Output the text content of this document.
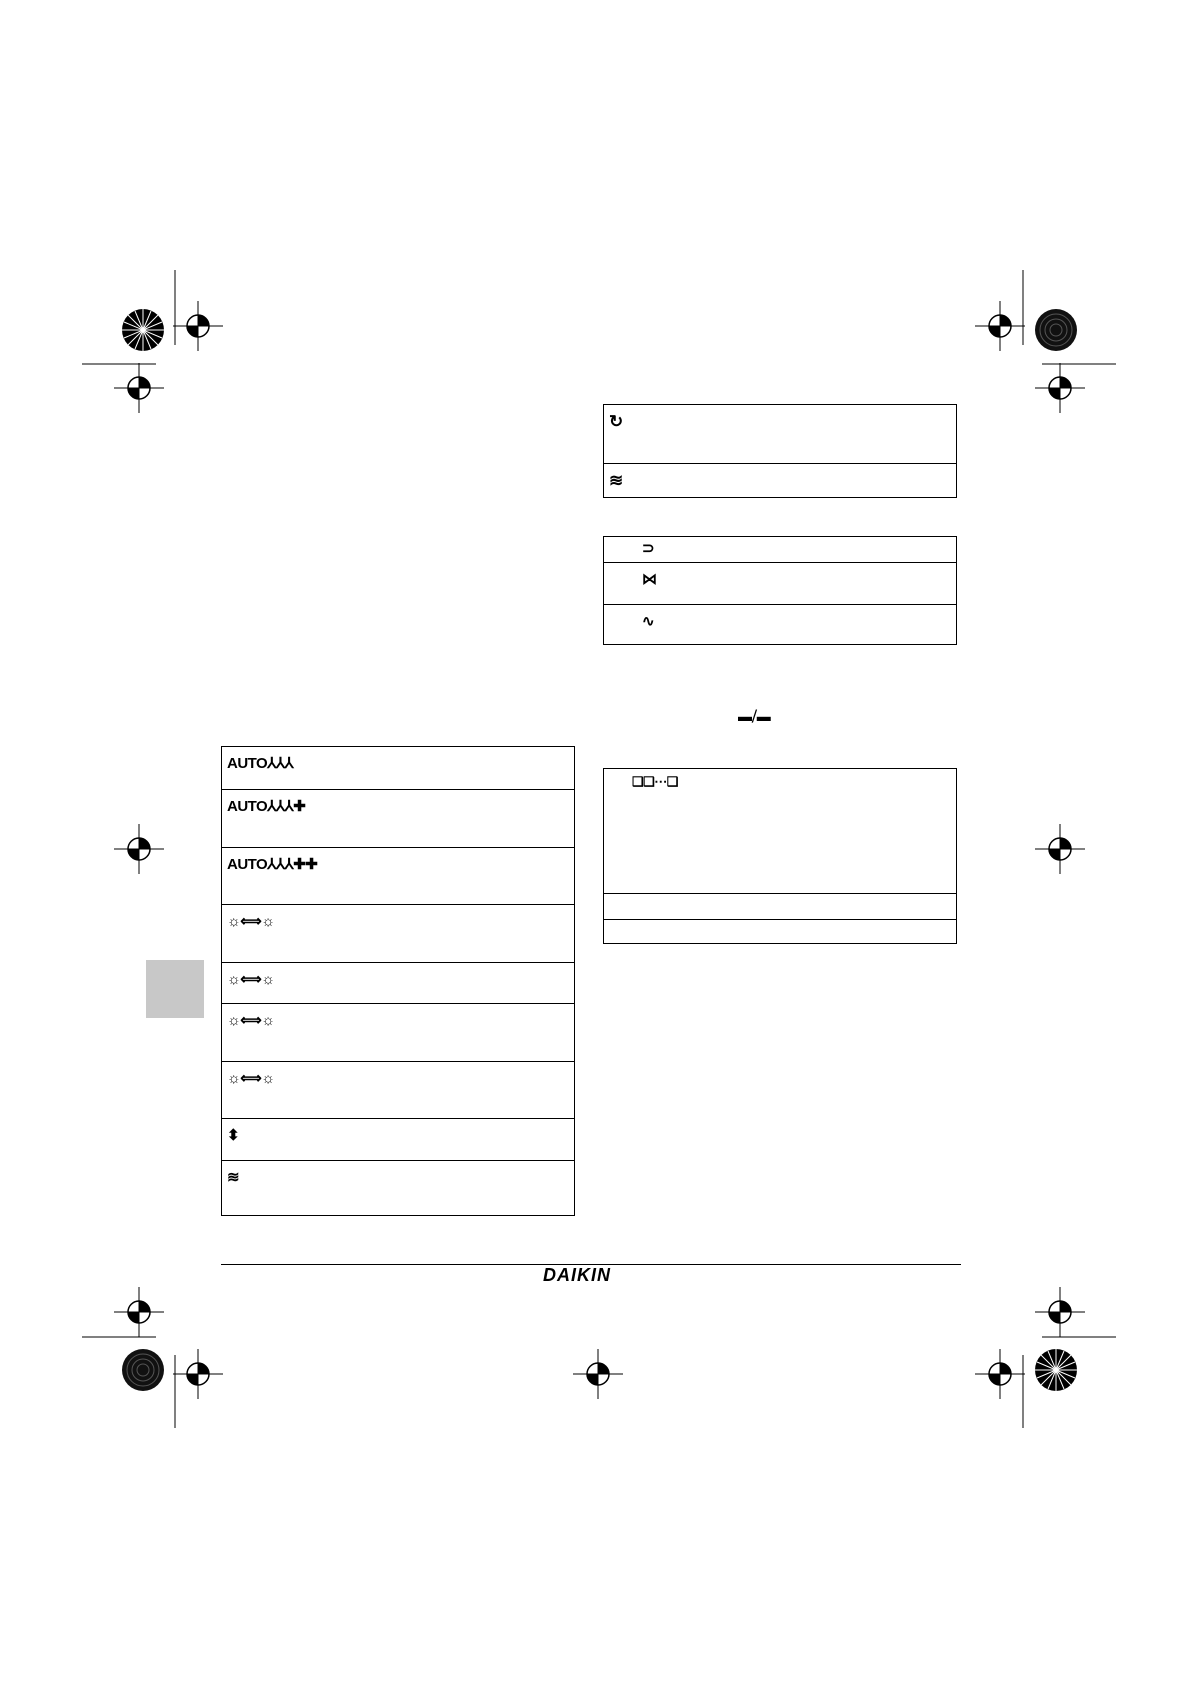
AUTO⅄⅄⅄
AUTO⅄⅄⅄✚
AUTO⅄⅄⅄✚✚
☼⟺☼
☼⟺☼
☼⟺☼
☼⟺☼
⬍
≋
↻
≋
⊃
⋈
∿
▬⧸▬
❑❑⋯❑
DAIKIN
